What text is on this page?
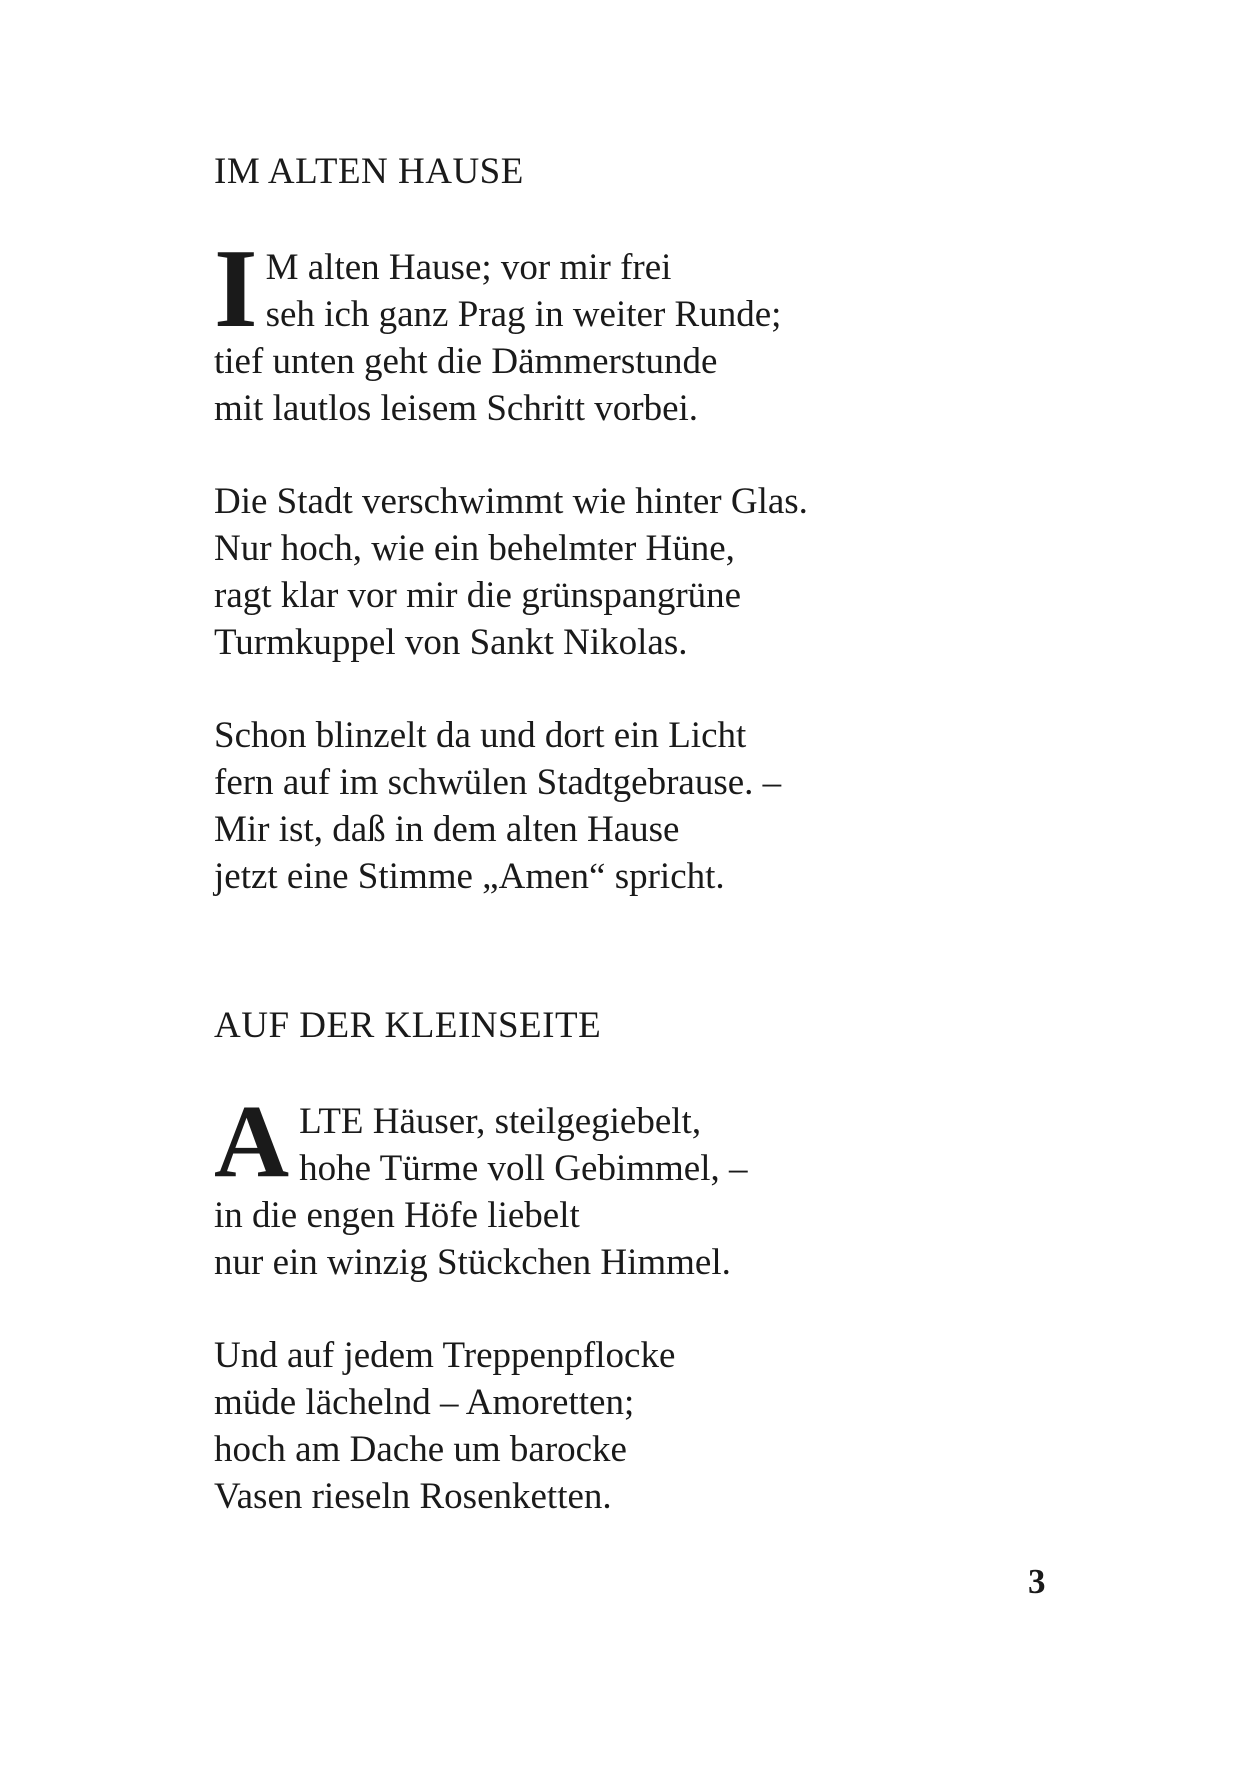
IM ALTEN HAUSE
I M alten Hause; vor mir frei
seh ich ganz Prag in weiter Runde;
tief unten geht die Dämmerstunde
mit lautlos leisem Schritt vorbei.
Die Stadt verschwimmt wie hinter Glas.
Nur hoch, wie ein behelmter Hüne,
ragt klar vor mir die grünspangrüne
Turmkuppel von Sankt Nikolas.
Schon blinzelt da und dort ein Licht
fern auf im schwülen Stadtgebrause. –
Mir ist, daß in dem alten Hause
jetzt eine Stimme „Amen“ spricht.
AUF DER KLEINSEITE
A LTE Häuser, steilgegiebelt,
hohe Türme voll Gebimmel, –
in die engen Höfe liebelt
nur ein winzig Stückchen Himmel.
Und auf jedem Treppenpflocke
müde lächelnd – Amoretten;
hoch am Dache um barocke
Vasen rieseln Rosenketten.
3
